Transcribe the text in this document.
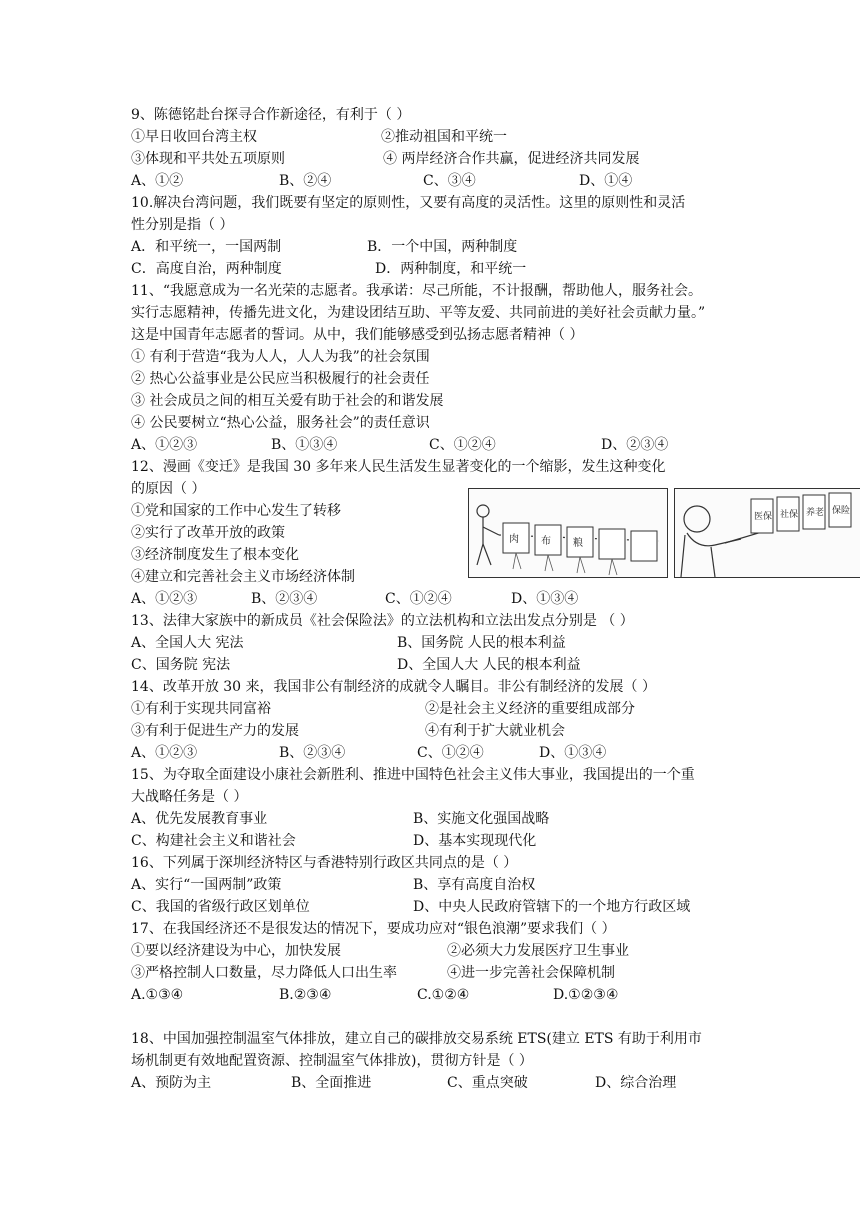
9、陈德铭赴台探寻合作新途径，有利于（ ）
①早日收回台湾主权	②推动祖国和平统一
③体现和平共处五项原则	④ 两岸经济合作共赢，促进经济共同发展
A、①②	B、②④	C、③④	D、①④
10.解决台湾问题，我们既要有坚定的原则性，又要有高度的灵活性。这里的原则性和灵活
性分别是指（ ）
A．和平统一，一国两制	B．一个中国，两种制度
C．高度自治，两种制度	D．两种制度，和平统一
11、“我愿意成为一名光荣的志愿者。我承诺：尽己所能，不计报酬，帮助他人，服务社会。
实行志愿精神，传播先进文化，为建设团结互助、平等友爱、共同前进的美好社会贡献力量。”
这是中国青年志愿者的誓词。从中，我们能够感受到弘扬志愿者精神（ ）
① 有利于营造“我为人人，人人为我”的社会氛围
② 热心公益事业是公民应当积极履行的社会责任
③ 社会成员之间的相互关爱有助于社会的和谐发展
④ 公民要树立“热心公益，服务社会”的责任意识
A、①②③	B、①③④	C、①②④	D、②③④
12、漫画《变迁》是我国 30 多年来人民生活发生显著变化的一个缩影，发生这种变化
的原因（ ）
①党和国家的工作中心发生了转移
②实行了改革开放的政策
③经济制度发生了根本变化
④建立和完善社会主义市场经济体制
A、①②③	B、②③④	C、①②④	D、①③④
肉 布 粮
医保 社保 养老 保险
13、法律大家族中的新成员《社会保险法》的立法机构和立法出发点分别是 （ ）
A、全国人大 宪法	B、国务院 人民的根本利益
C、国务院 宪法	D、全国人大 人民的根本利益
14、改革开放 30 来，我国非公有制经济的成就令人瞩目。非公有制经济的发展（ ）
①有利于实现共同富裕	②是社会主义经济的重要组成部分
③有利于促进生产力的发展	④有利于扩大就业机会
A、①②③	B、②③④	C、①②④	D、①③④
15、为夺取全面建设小康社会新胜利、推进中国特色社会主义伟大事业，我国提出的一个重
大战略任务是（ ）
A、优先发展教育事业	B、实施文化强国战略
C、构建社会主义和谐社会	D、基本实现现代化
16、下列属于深圳经济特区与香港特别行政区共同点的是（ ）
A、实行“一国两制”政策	B、享有高度自治权
C、我国的省级行政区划单位	D、中央人民政府管辖下的一个地方行政区域
17、在我国经济还不是很发达的情况下，要成功应对“银色浪潮”要求我们（ ）
①要以经济建设为中心，加快发展	②必须大力发展医疗卫生事业
③严格控制人口数量，尽力降低人口出生率	④进一步完善社会保障机制
A.①③④	B.②③④	C.①②④	D.①②③④
18、中国加强控制温室气体排放，建立自己的碳排放交易系统 ETS(建立 ETS 有助于利用市
场机制更有效地配置资源、控制温室气体排放)，贯彻方针是（ ）
A、预防为主	B、全面推进	C、重点突破	D、综合治理
